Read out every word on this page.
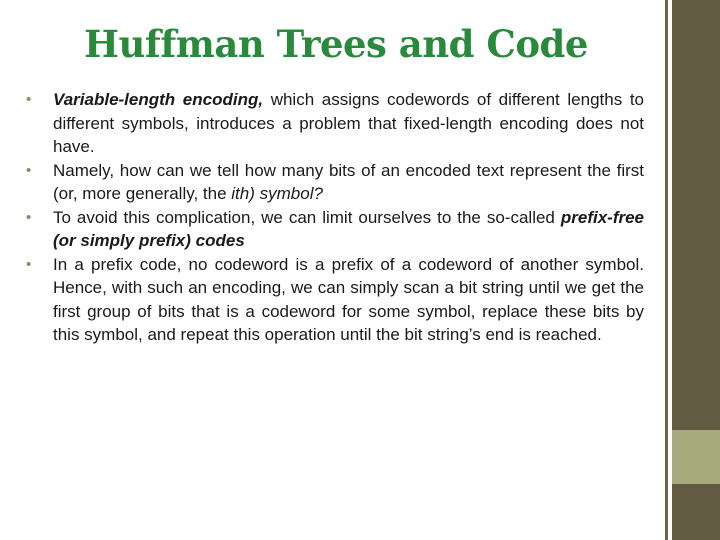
Huffman Trees and Code
• Variable-length encoding, which assigns codewords of different lengths to different symbols, introduces a problem that fixed-length encoding does not have.
• Namely, how can we tell how many bits of an encoded text represent the first (or, more generally, the ith) symbol?
• To avoid this complication, we can limit ourselves to the so-called prefix-free (or simply prefix) codes
• In a prefix code, no codeword is a prefix of a codeword of another symbol. Hence, with such an encoding, we can simply scan a bit string until we get the first group of bits that is a codeword for some symbol, replace these bits by this symbol, and repeat this operation until the bit string’s end is reached.
